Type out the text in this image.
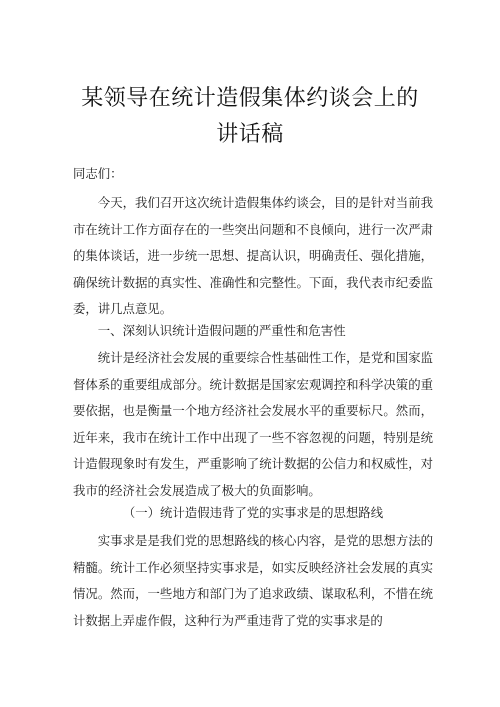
某领导在统计造假集体约谈会上的
讲话稿
同志们：
今天，我们召开这次统计造假集体约谈会，目的是针对当前我市在统计工作方面存在的一些突出问题和不良倾向，进行一次严肃的集体谈话，进一步统一思想、提高认识，明确责任、强化措施，确保统计数据的真实性、准确性和完整性。下面，我代表市纪委监委，讲几点意见。
一、深刻认识统计造假问题的严重性和危害性
统计是经济社会发展的重要综合性基础性工作，是党和国家监督体系的重要组成部分。统计数据是国家宏观调控和科学决策的重要依据，也是衡量一个地方经济社会发展水平的重要标尺。然而，近年来，我市在统计工作中出现了一些不容忽视的问题，特别是统计造假现象时有发生，严重影响了统计数据的公信力和权威性，对我市的经济社会发展造成了极大的负面影响。
（一）统计造假违背了党的实事求是的思想路线
实事求是是我们党的思想路线的核心内容，是党的思想方法的精髓。统计工作必须坚持实事求是，如实反映经济社会发展的真实情况。然而，一些地方和部门为了追求政绩、谋取私利，不惜在统计数据上弄虚作假，这种行为严重违背了党的实事求是的
